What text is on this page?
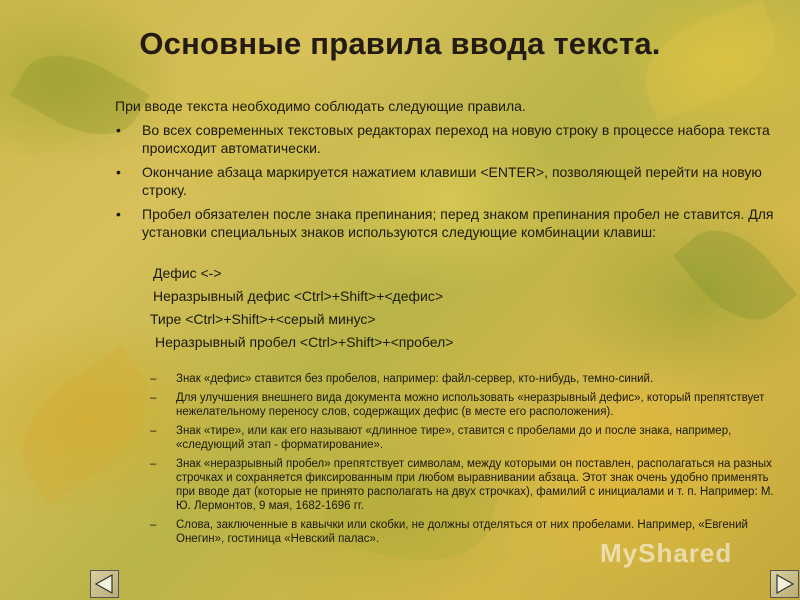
Основные правила ввода текста.
При вводе текста необходимо соблюдать следующие правила.
• Во всех современных текстовых редакторах переход на новую строку в процессе набора текста происходит автоматически.
• Окончание абзаца маркируется нажатием клавиши <ENTER>, позволяющей перейти на новую строку.
• Пробел обязателен после знака препинания; перед знаком препинания пробел не ставится. Для установки специальных знаков используются следующие комбинации клавиш:
Дефис <->
Неразрывный дефис <Ctrl>+Shift>+<дефис>
Тире <Ctrl>+Shift>+<серый минус>
Неразрывный пробел <Ctrl>+Shift>+<пробел>
– Знак «дефис» ставится без пробелов, например: файл-сервер, кто-нибудь, темно-синий.
– Для улучшения внешнего вида документа можно использовать «неразрывный дефис», который препятствует нежелательному переносу слов, содержащих дефис (в месте его расположения).
– Знак «тире», или как его называют «длинное тире», ставится с пробелами до и после знака, например, «следующий этап - форматирование».
– Знак «неразрывный пробел» препятствует символам, между которыми он поставлен, располагаться на разных строчках и сохраняется фиксированным при любом выравнивании абзаца. Этот знак очень удобно применять при вводе дат (которые не принято располагать на двух строчках), фамилий с инициалами и т. п. Например: М. Ю. Лермонтов, 9 мая, 1682-1696 гг.
– Слова, заключенные в кавычки или скобки, не должны отделяться от них пробелами. Например, «Евгений Онегин», гостиница «Невский палас».	MyShared
